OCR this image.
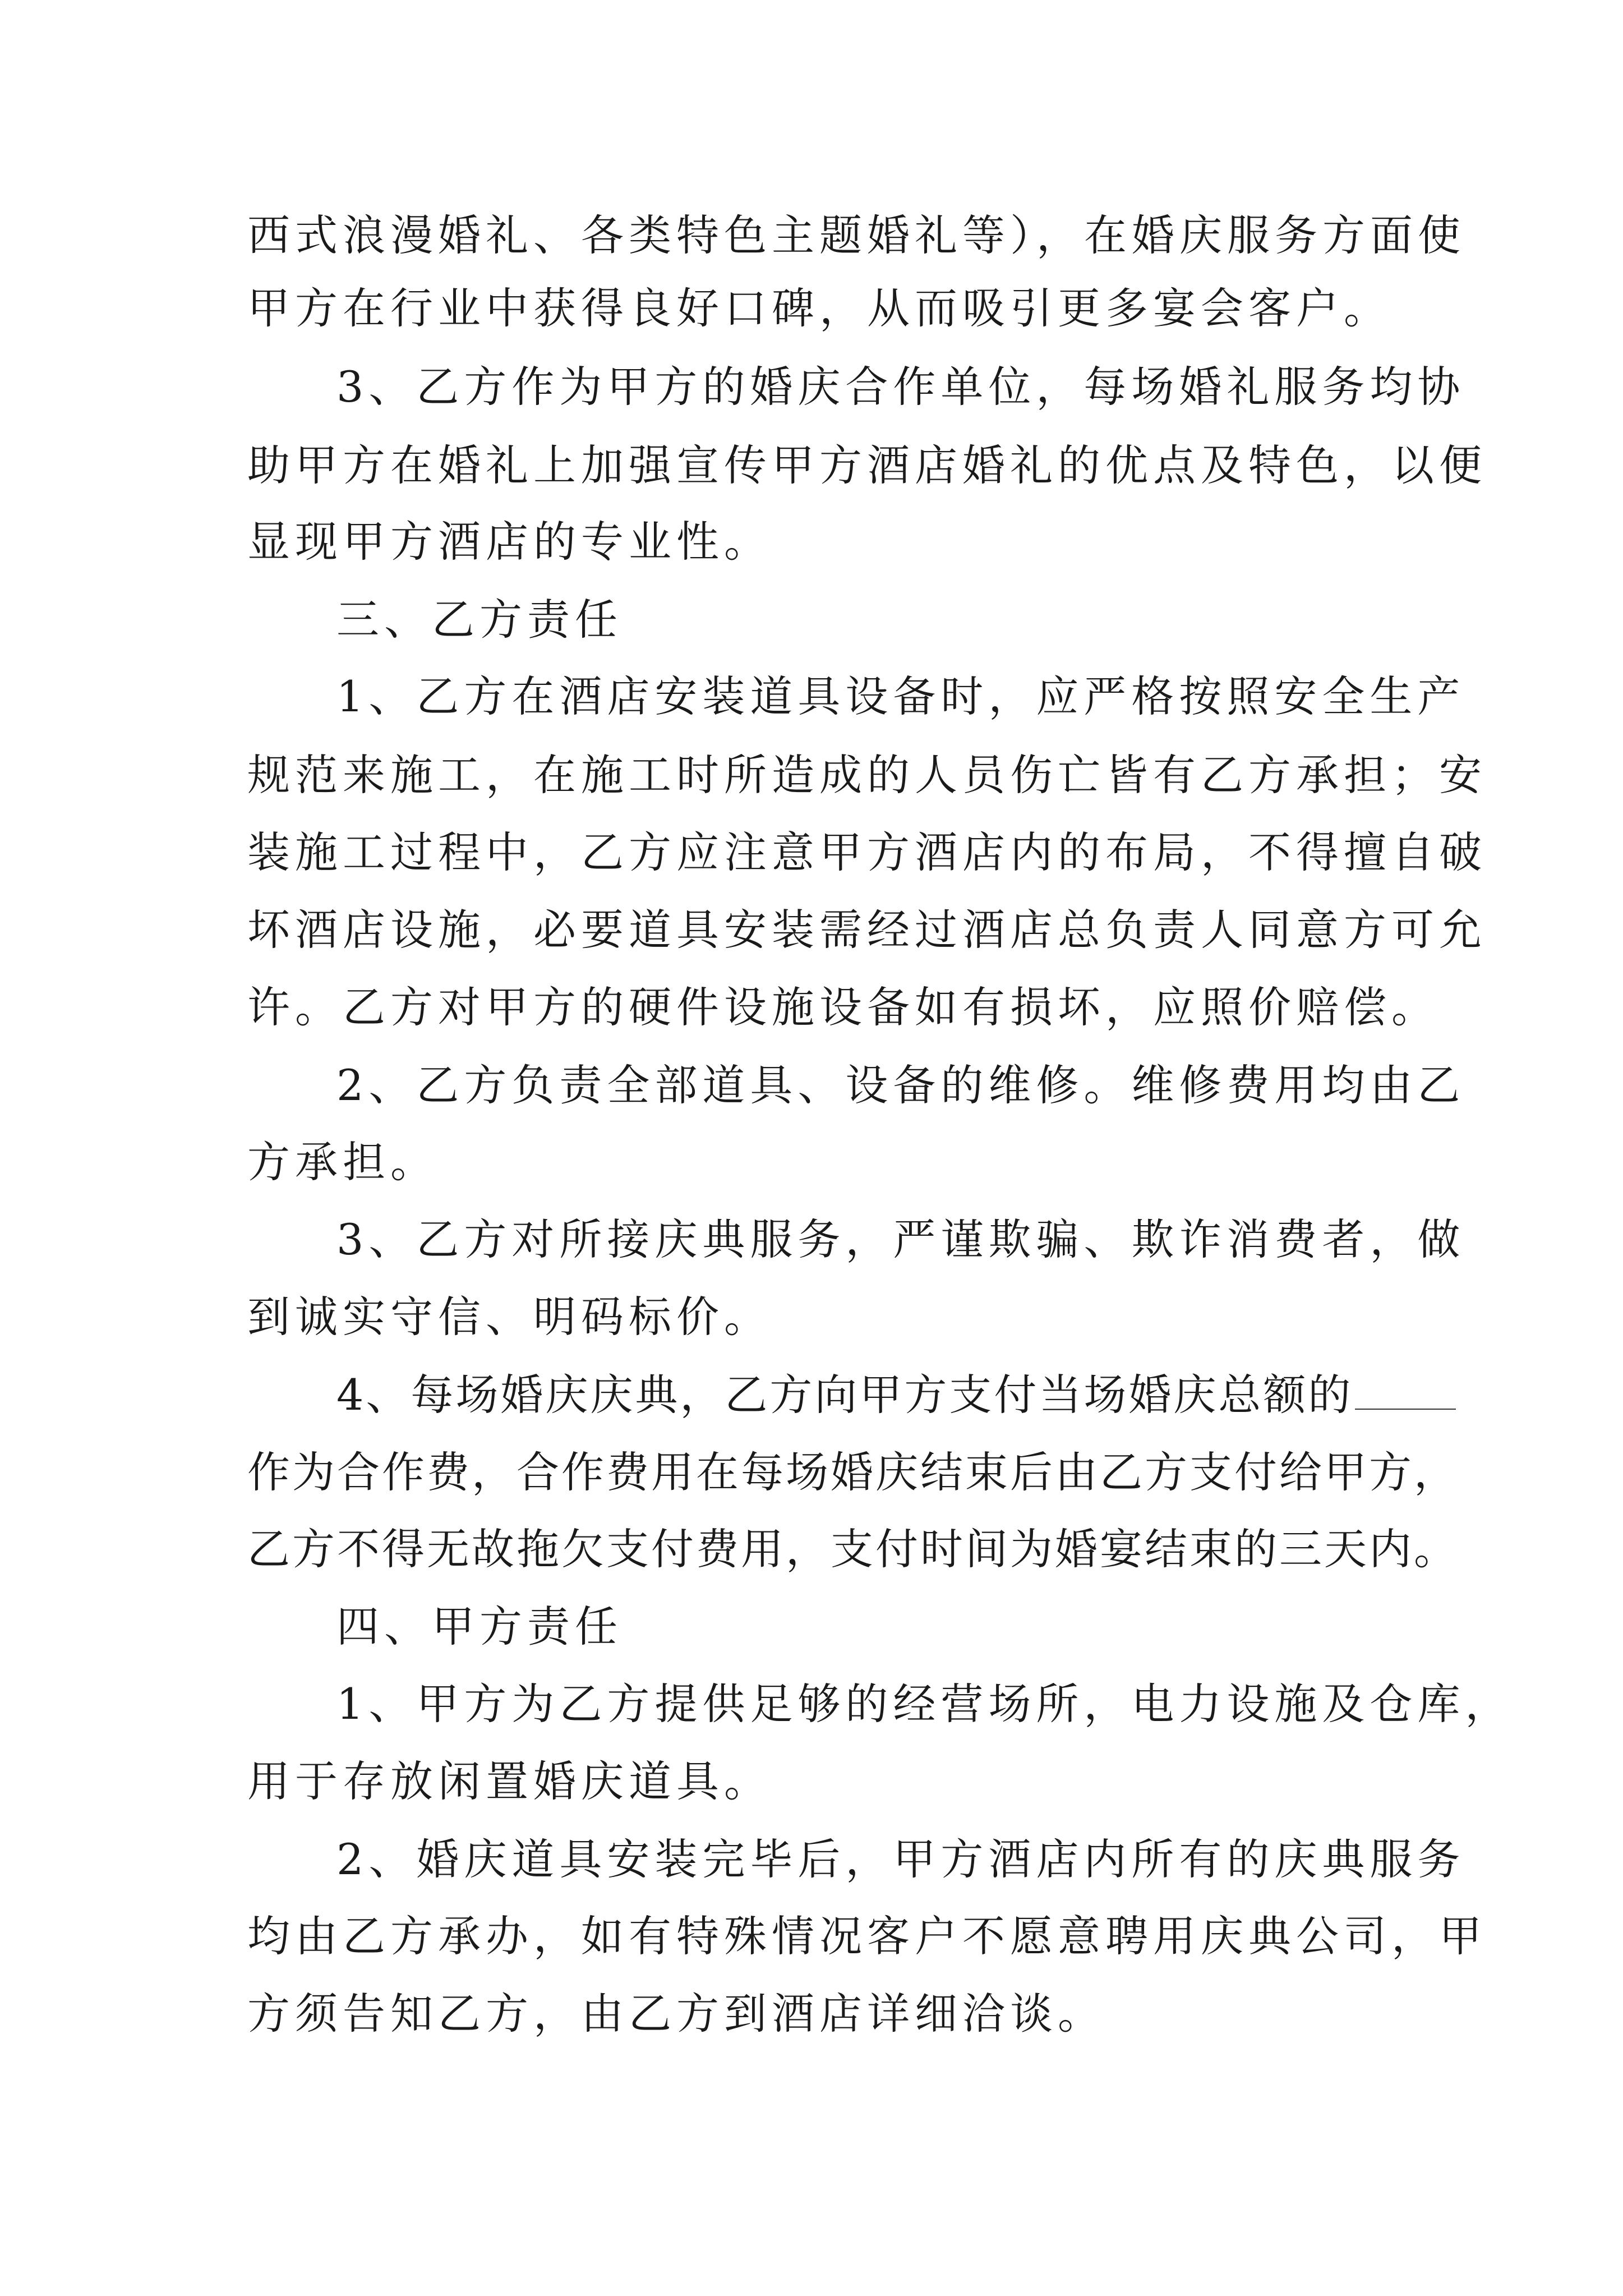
西式浪漫婚礼、各类特色主题婚礼等），在婚庆服务方面使
甲方在行业中获得良好口碑，从而吸引更多宴会客户。
3、乙方作为甲方的婚庆合作单位，每场婚礼服务均协
助甲方在婚礼上加强宣传甲方酒店婚礼的优点及特色，以便
显现甲方酒店的专业性。
三、乙方责任
1、乙方在酒店安装道具设备时，应严格按照安全生产
规范来施工，在施工时所造成的人员伤亡皆有乙方承担；安
装施工过程中，乙方应注意甲方酒店内的布局，不得擅自破
坏酒店设施，必要道具安装需经过酒店总负责人同意方可允
许。乙方对甲方的硬件设施设备如有损坏，应照价赔偿。
2、乙方负责全部道具、设备的维修。维修费用均由乙
方承担。
3、乙方对所接庆典服务，严谨欺骗、欺诈消费者，做
到诚实守信、明码标价。
4、每场婚庆庆典，乙方向甲方支付当场婚庆总额的
作为合作费，合作费用在每场婚庆结束后由乙方支付给甲方，
乙方不得无故拖欠支付费用，支付时间为婚宴结束的三天内。
四、甲方责任
1、甲方为乙方提供足够的经营场所，电力设施及仓库，
用于存放闲置婚庆道具。
2、婚庆道具安装完毕后，甲方酒店内所有的庆典服务
均由乙方承办，如有特殊情况客户不愿意聘用庆典公司，甲
方须告知乙方，由乙方到酒店详细洽谈。
